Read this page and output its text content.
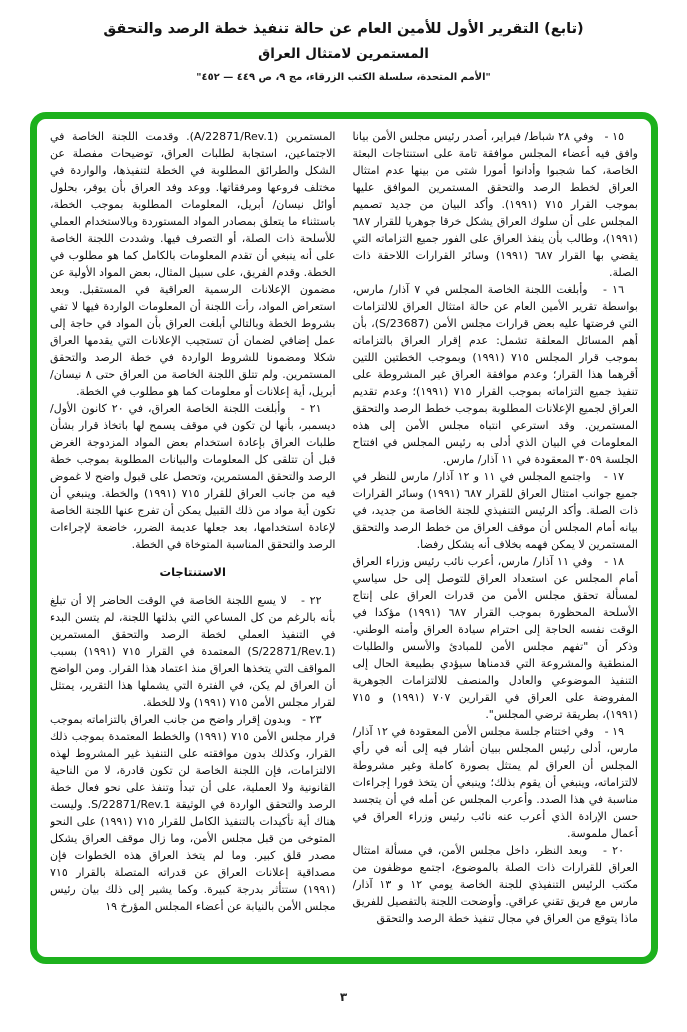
(تابع) التقرير الأول للأمين العام عن حالة تنفيذ خطة الرصد والتحقق
المستمرين لامتثال العراق
"الأمم المتحدة، سلسلة الكتب الزرقاء، مج ٩، ص ٤٤٩ — ٤٥٢"

١٥ -   وفي ٢٨ شباط/ فبراير، أصدر رئيس مجلس الأمن بيانا وافق فيه أعضاء المجلس موافقة تامة على استنتاجات البعثة الخاصة، كما شجبوا وأدانوا أمورا شتى من بينها عدم امتثال العراق لخطط الرصد والتحقق المستمرين الموافق عليها بموجب القرار ٧١٥ (١٩٩١). وأكد البيان من جديد تصميم المجلس على أن سلوك العراق يشكل خرقا جوهريا للقرار ٦٨٧ (١٩٩١)، وطالب بأن ينفذ العراق على الفور جميع التزاماته التي يقضي بها القرار ٦٨٧ (١٩٩١) وسائر القرارات اللاحقة ذات الصلة.

١٦ -   وأبلغت اللجنة الخاصة المجلس في ٧ آذار/ مارس، بواسطة تقرير الأمين العام عن حالة امتثال العراق للالتزامات التي فرضتها عليه بعض قرارات مجلس الأمن (S/23687)، بأن أهم المسائل المعلقة تشمل: عدم إقرار العراق بالتزاماته بموجب قرار المجلس ٧١٥ (١٩٩١) وبموجب الخطتين اللتين أقرهما هذا القرار؛ وعدم موافقة العراق غير المشروطة على تنفيذ جميع التزاماته بموجب القرار ٧١٥ (١٩٩١)؛ وعدم تقديم العراق لجميع الإعلانات المطلوبة بموجب خطط الرصد والتحقق المستمرين. وقد استرعي انتباه مجلس الأمن إلى هذه المعلومات في البيان الذي أدلى به رئيس المجلس في افتتاح الجلسة ٣٠٥٩ المعقودة في ١١ آذار/ مارس.

١٧ -   واجتمع المجلس في ١١ و ١٢ آذار/ مارس للنظر في جميع جوانب امتثال العراق للقرار ٦٨٧ (١٩٩١) وسائر القرارات ذات الصلة. وأكد الرئيس التنفيذي للجنة الخاصة من جديد، في بيانه أمام المجلس أن موقف العراق من خطط الرصد والتحقق المستمرين لا يمكن فهمه بخلاف أنه يشكل رفضا.

١٨ -   وفي ١١ آذار/ مارس، أعرب نائب رئيس وزراء العراق أمام المجلس عن استعداد العراق للتوصل إلى حل سياسي لمسألة تحقق مجلس الأمن من قدرات العراق على إنتاج الأسلحة المحظورة بموجب القرار ٦٨٧ (١٩٩١) مؤكدا في الوقت نفسه الحاجة إلى احترام سيادة العراق وأمنه الوطني. وذكر أن "تفهم مجلس الأمن للمبادئ والأسس والطلبات المنطقية والمشروعة التي قدمناها سيؤدي بطبيعة الحال إلى التنفيذ الموضوعي والعادل والمنصف للالتزامات الجوهرية المفروضة على العراق في القرارين ٧٠٧ (١٩٩١) و ٧١٥ (١٩٩١)، بطريقة ترضي المجلس".

١٩ -   وفي اختتام جلسة مجلس الأمن المعقودة في ١٢ آذار/ مارس، أدلى رئيس المجلس ببيان أشار فيه إلى أنه في رأي المجلس أن العراق لم يمتثل بصورة كاملة وغير مشروطة لالتزاماته، وينبغي أن يقوم بذلك؛ وينبغي أن يتخذ فورا إجراءات مناسبة في هذا الصدد. وأعرب المجلس عن أمله في أن يتجسد حسن الإرادة الذي أعرب عنه نائب رئيس وزراء العراق في أعمال ملموسة.

٢٠ -   وبعد النظر، داخل مجلس الأمن، في مسألة امتثال العراق للقرارات ذات الصلة بالموضوع، اجتمع موظفون من مكتب الرئيس التنفيذي للجنة الخاصة يومي ١٢ و ١٣ آذار/ مارس مع فريق تقني عراقي. وأوضحت اللجنة بالتفصيل للفريق ماذا يتوقع من العراق في مجال تنفيذ خطة الرصد والتحقق

المستمرين (A/22871/Rev.1). وقدمت اللجنة الخاصة في الاجتماعين، استجابة لطلبات العراق، توضيحات مفصلة عن الشكل والطرائق المطلوبة في الخطة لتنفيذها، والواردة في مختلف فروعها ومرفقاتها. ووعد وفد العراق بأن يوفر، بحلول أوائل نيسان/ أبريل، المعلومات المطلوبة بموجب الخطة، باستثناء ما يتعلق بمصادر المواد المستوردة وبالاستخدام العملي للأسلحة ذات الصلة، أو التصرف فيها. وشددت اللجنة الخاصة على أنه ينبغي أن تقدم المعلومات بالكامل كما هو مطلوب في الخطة. وقدم الفريق، على سبيل المثال، بعض المواد الأولية عن مضمون الإعلانات الرسمية العراقية في المستقبل. وبعد استعراض المواد، رأت اللجنة أن المعلومات الواردة فيها لا تفي بشروط الخطة وبالتالي أبلغت العراق بأن المواد في حاجة إلى عمل إضافي لضمان أن تستجيب الإعلانات التي يقدمها العراق شكلا ومضمونا للشروط الواردة في خطة الرصد والتحقق المستمرين. ولم تتلق اللجنة الخاصة من العراق حتى ٨ نيسان/ أبريل، أية إعلانات أو معلومات كما هو مطلوب في الخطة.

٢١ -   وأبلغت اللجنة الخاصة العراق، في ٢٠ كانون الأول/ ديسمبر، بأنها لن تكون في موقف يسمح لها باتخاذ قرار بشأن طلبات العراق بإعادة استخدام بعض المواد المزدوجة الغرض قبل أن تتلقى كل المعلومات والبيانات المطلوبة بموجب خطة الرصد والتحقق المستمرين، وتحصل على قبول واضح لا غموض فيه من جانب العراق للقرار ٧١٥ (١٩٩١) والخطة. وينبغي أن تكون أية مواد من ذلك القبيل يمكن أن تفرج عنها اللجنة الخاصة لإعادة استخدامها، بعد جعلها عديمة الضرر، خاضعة لإجراءات الرصد والتحقق المناسبة المتوخاة في الخطة.

الاستنتاجات

٢٢ -   لا يسع اللجنة الخاصة في الوقت الحاضر إلا أن تبلغ بأنه بالرغم من كل المساعي التي بذلتها اللجنة، لم يتسن البدء في التنفيذ العملي لخطة الرصد والتحقق المستمرين (S/22871/Rev.1) المعتمدة في القرار ٧١٥ (١٩٩١) بسبب المواقف التي يتخذها العراق منذ اعتماد هذا القرار. ومن الواضح أن العراق لم يكن، في الفترة التي يشملها هذا التقرير، يمتثل لقرار مجلس الأمن ٧١٥ (١٩٩١) ولا للخطة.

٢٣ -   وبدون إقرار واضح من جانب العراق بالتزاماته بموجب قرار مجلس الأمن ٧١٥ (١٩٩١) والخطط المعتمدة بموجب ذلك القرار، وكذلك بدون موافقته على التنفيذ غير المشروط لهذه الالتزامات، فإن اللجنة الخاصة لن تكون قادرة، لا من الناحية القانونية ولا العملية، على أن تبدأ وتنفذ على نحو فعال خطة الرصد والتحقق الواردة في الوثيقة S/22871/Rev.1. وليست هناك أية تأكيدات بالتنفيذ الكامل للقرار ٧١٥ (١٩٩١) على النحو المتوخى من قبل مجلس الأمن، وما زال موقف العراق يشكل مصدر قلق كبير. وما لم يتخذ العراق هذه الخطوات فإن مصداقية إعلانات العراق عن قدراته المتصلة بالقرار ٧١٥ (١٩٩١) ستتأثر بدرجة كبيرة. وكما يشير إلى ذلك بيان رئيس مجلس الأمن بالنيابة عن أعضاء المجلس المؤرخ ١٩

٣
